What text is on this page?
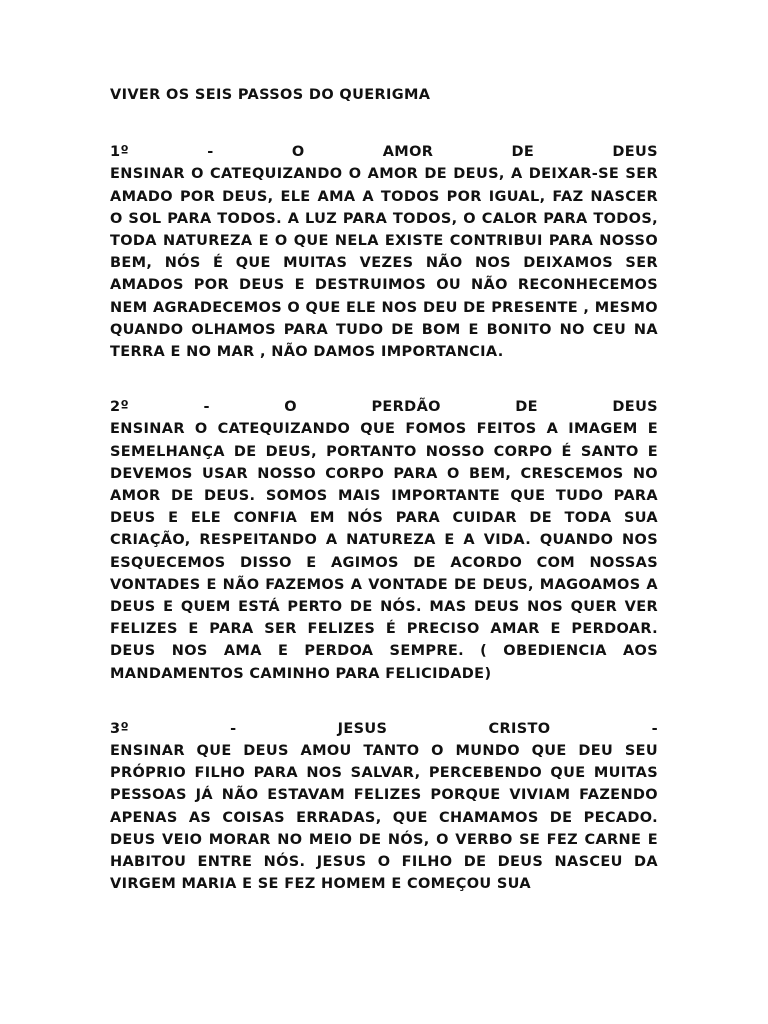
VIVER OS SEIS PASSOS DO QUERIGMA
1º	-	O	AMOR	DE	DEUS

ENSINAR O CATEQUIZANDO O AMOR DE DEUS, A DEIXAR-SE SER AMADO POR DEUS, ELE AMA A TODOS POR IGUAL, FAZ NASCER O SOL PARA TODOS. A LUZ PARA TODOS, O CALOR PARA TODOS, TODA NATUREZA E O QUE NELA EXISTE CONTRIBUI PARA NOSSO BEM, NÓS É QUE MUITAS VEZES NÃO NOS DEIXAMOS SER AMADOS POR DEUS E DESTRUIMOS OU NÃO RECONHECEMOS NEM AGRADECEMOS O QUE ELE NOS DEU DE PRESENTE , MESMO QUANDO OLHAMOS PARA TUDO DE BOM E BONITO NO CEU NA TERRA E NO MAR , NÃO DAMOS IMPORTANCIA.

2º	-	O	PERDÃO	DE	DEUS

ENSINAR O CATEQUIZANDO QUE FOMOS FEITOS A IMAGEM E SEMELHANÇA DE DEUS, PORTANTO NOSSO CORPO É SANTO E DEVEMOS USAR NOSSO CORPO PARA O BEM, CRESCEMOS NO AMOR DE DEUS. SOMOS MAIS IMPORTANTE QUE TUDO PARA DEUS E ELE CONFIA EM NÓS PARA CUIDAR DE TODA SUA CRIAÇÃO, RESPEITANDO A NATUREZA E A VIDA. QUANDO NOS ESQUECEMOS DISSO E AGIMOS DE ACORDO COM NOSSAS VONTADES E NÃO FAZEMOS A VONTADE DE DEUS, MAGOAMOS A DEUS E QUEM ESTÁ PERTO DE NÓS. MAS DEUS NOS QUER VER FELIZES E PARA SER FELIZES É PRECISO AMAR E PERDOAR. DEUS NOS AMA E PERDOA SEMPRE. ( OBEDIENCIA AOS MANDAMENTOS CAMINHO PARA FELICIDADE)

3º	-	JESUS	CRISTO	-

ENSINAR QUE DEUS AMOU TANTO O MUNDO QUE DEU SEU PRÓPRIO FILHO PARA NOS SALVAR, PERCEBENDO QUE MUITAS PESSOAS JÁ NÃO ESTAVAM FELIZES PORQUE VIVIAM FAZENDO APENAS AS COISAS ERRADAS, QUE CHAMAMOS DE PECADO. DEUS VEIO MORAR NO MEIO DE NÓS, O VERBO SE FEZ CARNE E HABITOU ENTRE NÓS. JESUS O FILHO DE DEUS NASCEU DA VIRGEM MARIA E SE FEZ HOMEM E COMEÇOU SUA
